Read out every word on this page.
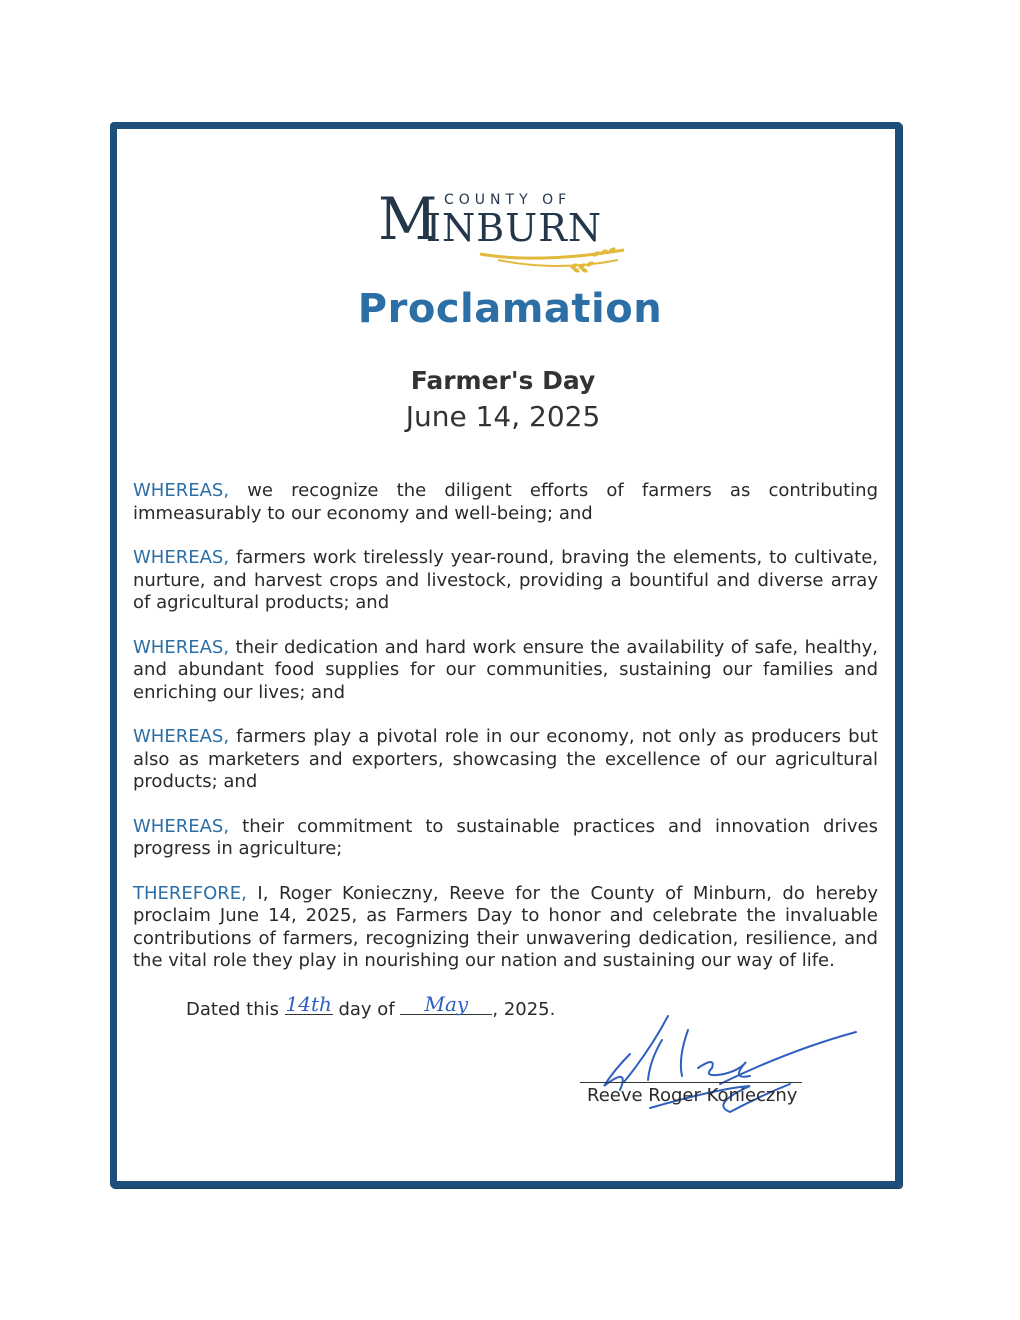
M COUNTY OF
INBURN
Proclamation
Farmer's Day
June 14, 2025

WHEREAS, we recognize the diligent efforts of farmers as contributing immeasurably to our economy and well-being; and

WHEREAS, farmers work tirelessly year-round, braving the elements, to cultivate, nurture, and harvest crops and livestock, providing a bountiful and diverse array of agricultural products; and

WHEREAS, their dedication and hard work ensure the availability of safe, healthy, and abundant food supplies for our communities, sustaining our families and enriching our lives; and

WHEREAS, farmers play a pivotal role in our economy, not only as producers but also as marketers and exporters, showcasing the excellence of our agricultural products; and

WHEREAS, their commitment to sustainable practices and innovation drives progress in agriculture;

THEREFORE, I, Roger Konieczny, Reeve for the County of Minburn, do hereby proclaim June 14, 2025, as Farmers Day to honor and celebrate the invaluable contributions of farmers, recognizing their unwavering dedication, resilience, and the vital role they play in nourishing our nation and sustaining our way of life.

Dated this 14th day of	May	, 2025.
Reeve Roger Konieczny
